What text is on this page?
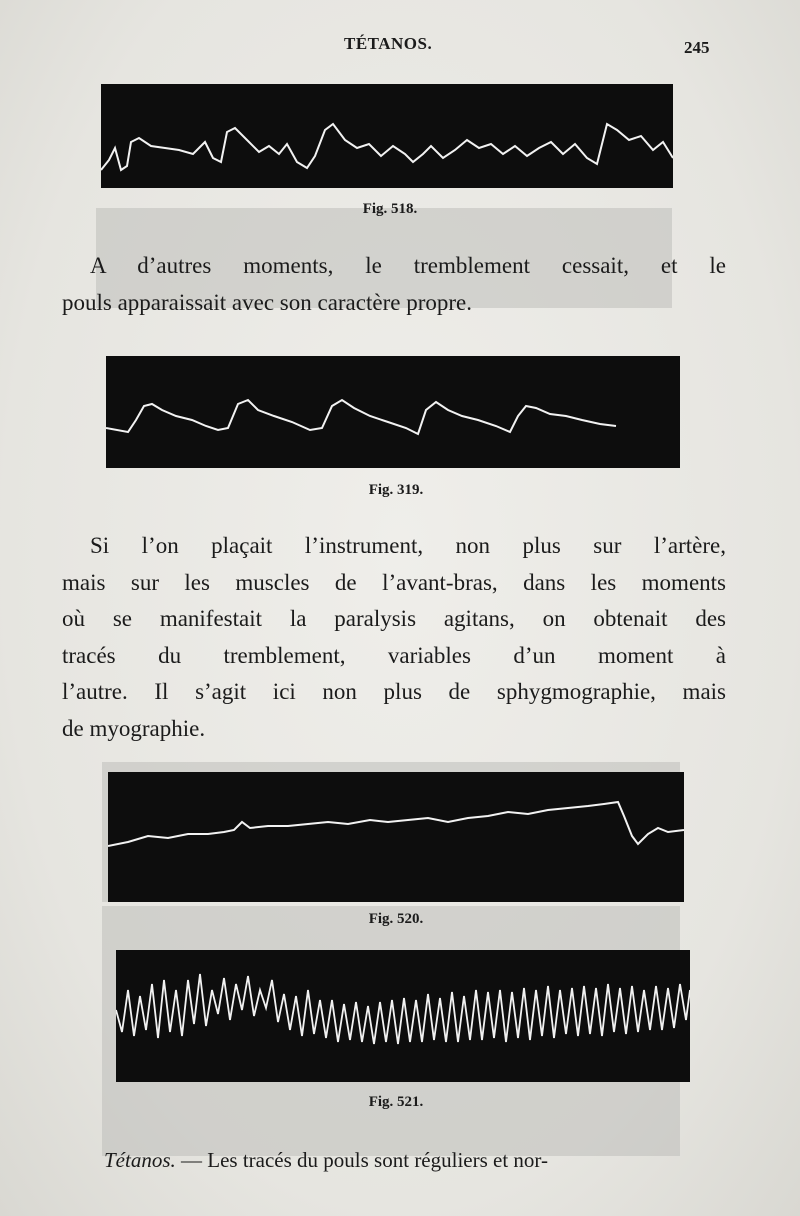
TÉTANOS.	245
Fig. 518.
A d’autres moments, le tremblement cessait, et le
pouls apparaissait avec son caractère propre.
Fig. 319.
Si l’on plaçait l’instrument, non plus sur l’artère,
mais sur les muscles de l’avant-bras, dans les moments
où se manifestait la paralysis agitans, on obtenait des
tracés du tremblement, variables d’un moment à
l’autre. Il s’agit ici non plus de sphygmographie, mais
de myographie.
Fig. 520.
Fig. 521.
Tétanos. — Les tracés du pouls sont réguliers et nor-
